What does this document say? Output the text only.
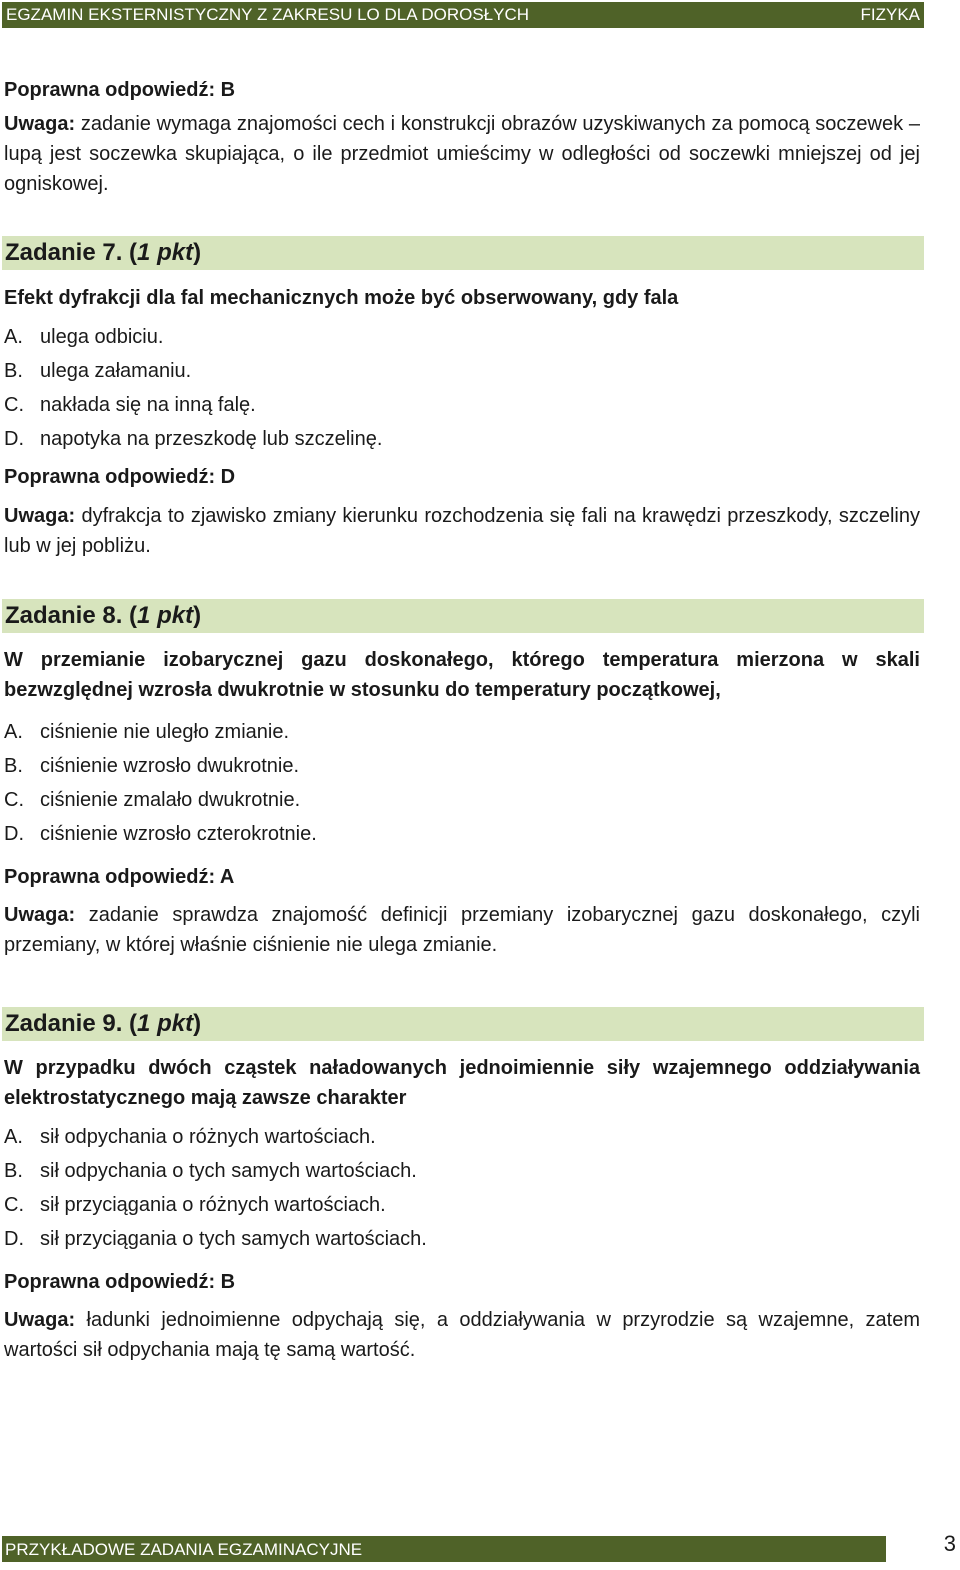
EGZAMIN EKSTERNISTYCZNY Z ZAKRESU LO DLA DOROSŁYCH	FIZYKA
Poprawna odpowiedź: B
Uwaga: zadanie wymaga znajomości cech i konstrukcji obrazów uzyskiwanych za pomocą soczewek – lupą jest soczewka skupiająca, o ile przedmiot umieścimy w odległości od soczewki mniejszej od jej ogniskowej.
Zadanie 7. (1 pkt)
Efekt dyfrakcji dla fal mechanicznych może być obserwowany, gdy fala
A. ulega odbiciu.
B. ulega załamaniu.
C. nakłada się na inną falę.
D. napotyka na przeszkodę lub szczelinę.
Poprawna odpowiedź: D
Uwaga: dyfrakcja to zjawisko zmiany kierunku rozchodzenia się fali na krawędzi przeszkody, szczeliny lub w jej pobliżu.
Zadanie 8. (1 pkt)
W przemianie izobarycznej gazu doskonałego, którego temperatura mierzona w skali bezwzględnej wzrosła dwukrotnie w stosunku do temperatury początkowej,
A. ciśnienie nie uległo zmianie.
B. ciśnienie wzrosło dwukrotnie.
C. ciśnienie zmalało dwukrotnie.
D. ciśnienie wzrosło czterokrotnie.
Poprawna odpowiedź: A
Uwaga: zadanie sprawdza znajomość definicji przemiany izobarycznej gazu doskonałego, czyli przemiany, w której właśnie ciśnienie nie ulega zmianie.
Zadanie 9. (1 pkt)
W przypadku dwóch cząstek naładowanych jednoimiennie siły wzajemnego oddziaływania elektrostatycznego mają zawsze charakter
A. sił odpychania o różnych wartościach.
B. sił odpychania o tych samych wartościach.
C. sił przyciągania o różnych wartościach.
D. sił przyciągania o tych samych wartościach.
Poprawna odpowiedź: B
Uwaga: ładunki jednoimienne odpychają się, a oddziaływania w przyrodzie są wzajemne, zatem wartości sił odpychania mają tę samą wartość.
PRZYKŁADOWE ZADANIA EGZAMINACYJNE	3
